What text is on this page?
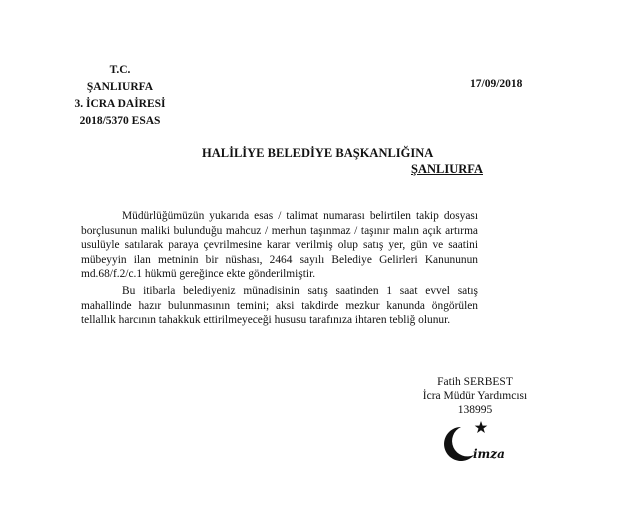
T.C.
ŞANLIURFA
3. İCRA DAİRESİ
2018/5370 ESAS
17/09/2018
HALİLİYE BELEDİYE BAŞKANLIĞINA
ŞANLIURFA

Müdürlüğümüzün yukarıda esas / talimat numarası belirtilen takip dosyası borçlusunun maliki bulunduğu mahcuz / merhun taşınmaz / taşınır malın açık artırma usulüyle satılarak paraya çevrilmesine karar verilmiş olup satış yer, gün ve saatini mübeyyin ilan metninin bir nüshası, 2464 sayılı Belediye Gelirleri Kanununun md.68/f.2/c.1 hükmü gereğince ekte gönderilmiştir.

Bu itibarla belediyeniz münadisinin satış saatinden 1 saat evvel satış mahallinde hazır bulunmasının temini; aksi takdirde mezkur kanunda öngörülen tellallık harcının tahakkuk ettirilmeyeceği hususu tarafınıza ihtaren tebliğ olunur.

Fatih SERBEST
İcra Müdür Yardımcısı
138995
imza
